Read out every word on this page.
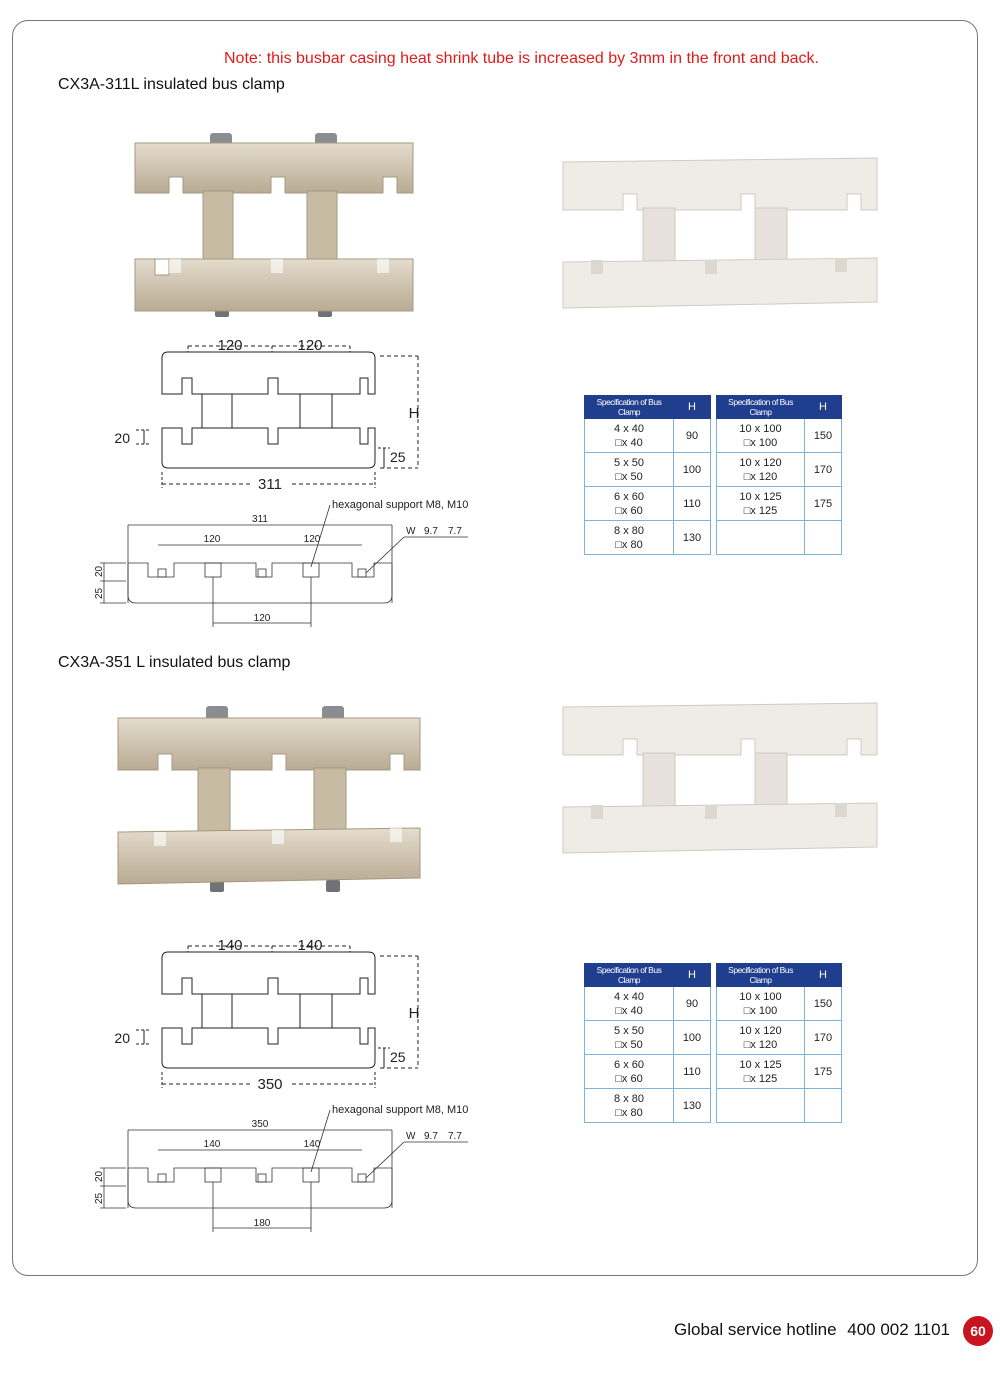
Note: this busbar casing heat shrink tube is increased by 3mm in the front and back.
CX3A-311L insulated bus clamp
120	120
H
20
25
311
311
120	120
hexagonal support M8, M10
W 9.7 7.7
20
25
120
Specification of Bus Clamp	H
4 x 40
□x 40	90
5 x 50
□x 50	100
6 x 60
□x 60	110
8 x 80
□x 80	130
Specification of Bus Clamp	H
10 x 100
□x 100	150
10 x 120
□x 120	170
10 x 125
□x 125	175

CX3A-351 L insulated bus clamp
140	140
H
20
25
350
350
140	140
hexagonal support M8, M10
W 9.7 7.7
20
25
180
Specification of Bus Clamp	H
4 x 40
□x 40	90
5 x 50
□x 50	100
6 x 60
□x 60	110
8 x 80
□x 80	130
Specification of Bus Clamp	H
10 x 100
□x 100	150
10 x 120
□x 120	170
10 x 125
□x 125	175

Global service hotline 400 002 1101	60
